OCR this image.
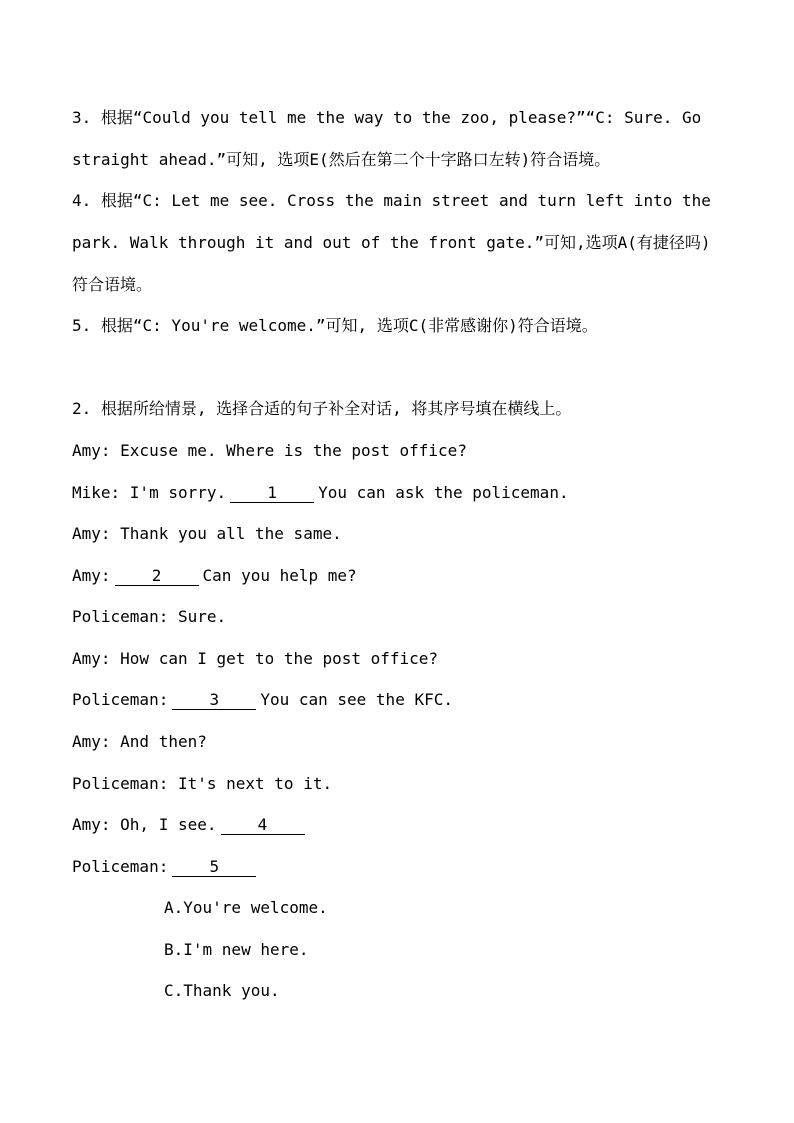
3. 根据“Could you tell me the way to the zoo, please?”“C: Sure. Go
straight ahead.”可知, 选项E(然后在第二个十字路口左转)符合语境。
4. 根据“C: Let me see. Cross the main street and turn left into the
park. Walk through it and out of the front gate.”可知,选项A(有捷径吗)
符合语境。
5. 根据“C: You're welcome.”可知, 选项C(非常感谢你)符合语境。
2. 根据所给情景, 选择合适的句子补全对话, 将其序号填在横线上。
Amy: Excuse me. Where is the post office?
Mike: I'm sorry.	1	You can ask the policeman.
Amy: Thank you all the same.
Amy:	2	Can you help me?
Policeman: Sure.
Amy: How can I get to the post office?
Policeman:	3	You can see the KFC.
Amy: And then?
Policeman: It's next to it.
Amy: Oh, I see.	4
Policeman:	5
A.You're welcome.
B.I'm new here.
C.Thank you.
